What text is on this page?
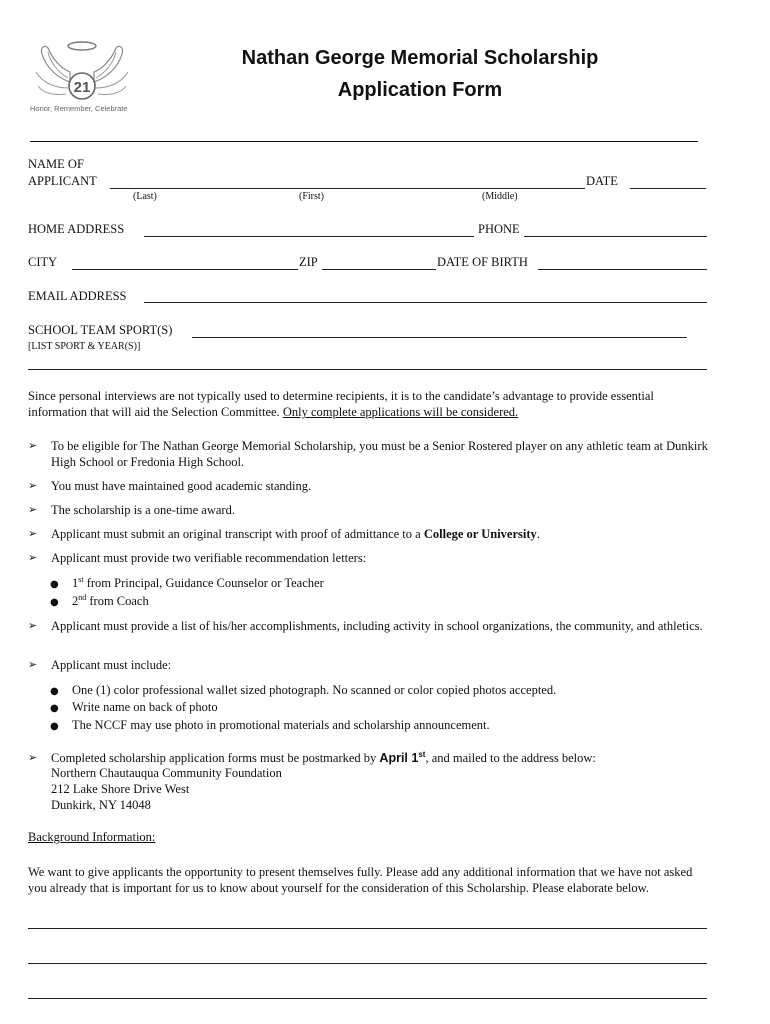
21
Honor, Remember, Celebrate
Nathan George Memorial Scholarship
Application Form
NAME OF
APPLICANT	DATE
(Last)	(First)	(Middle)
HOME ADDRESS	PHONE
CITY	ZIP	DATE OF BIRTH
EMAIL ADDRESS
SCHOOL TEAM SPORT(S)
[LIST SPORT & YEAR(S)]
Since personal interviews are not typically used to determine recipients, it is to the candidate’s advantage to provide essential information that will aid the Selection Committee. Only complete applications will be considered.
➢ To be eligible for The Nathan George Memorial Scholarship, you must be a Senior Rostered player on any athletic team at Dunkirk High School or Fredonia High School.
➢ You must have maintained good academic standing.
➢ The scholarship is a one-time award.
➢ Applicant must submit an original transcript with proof of admittance to a College or University.
➢ Applicant must provide two verifiable recommendation letters:
● 1st from Principal, Guidance Counselor or Teacher
● 2nd from Coach
➢ Applicant must provide a list of his/her accomplishments, including activity in school organizations, the community, and athletics.
➢ Applicant must include:
● One (1) color professional wallet sized photograph. No scanned or color copied photos accepted.
● Write name on back of photo
● The NCCF may use photo in promotional materials and scholarship announcement.
➢ Completed scholarship application forms must be postmarked by April 1st, and mailed to the address below:
Northern Chautauqua Community Foundation
212 Lake Shore Drive West
Dunkirk, NY 14048
Background Information:
We want to give applicants the opportunity to present themselves fully. Please add any additional information that we have not asked you already that is important for us to know about yourself for the consideration of this Scholarship. Please elaborate below.
